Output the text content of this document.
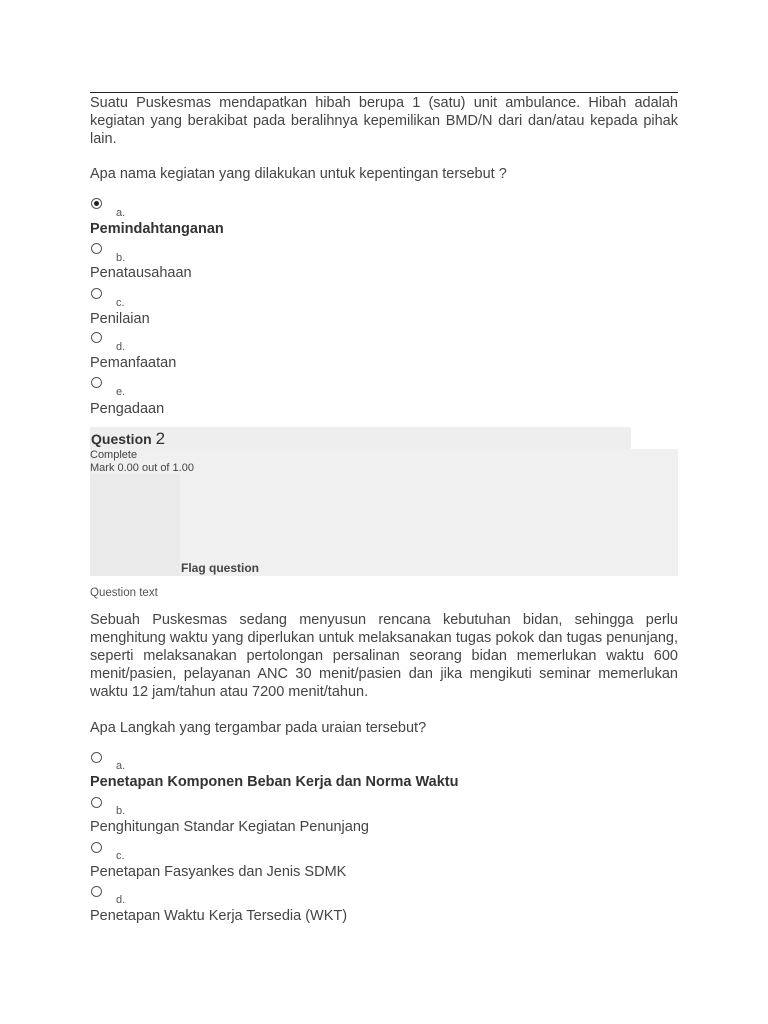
Suatu Puskesmas mendapatkan hibah berupa 1 (satu) unit ambulance. Hibah adalah kegiatan yang berakibat pada beralihnya kepemilikan BMD/N dari dan/atau kepada pihak lain.

Apa nama kegiatan yang dilakukan untuk kepentingan tersebut ?

a.
Pemindahtanganan
b.
Penatausahaan
c.
Penilaian
d.
Pemanfaatan
e.
Pengadaan
Question 2
Complete
Mark 0.00 out of 1.00
Flag question
Question text

Sebuah Puskesmas sedang menyusun rencana kebutuhan bidan, sehingga perlu menghitung waktu yang diperlukan untuk melaksanakan tugas pokok dan tugas penunjang, seperti melaksanakan pertolongan persalinan seorang bidan memerlukan waktu 600 menit/pasien, pelayanan ANC 30 menit/pasien dan jika mengikuti seminar memerlukan waktu 12 jam/tahun atau 7200 menit/tahun.

Apa Langkah yang tergambar pada uraian tersebut?

a.
Penetapan Komponen Beban Kerja dan Norma Waktu
b.
Penghitungan Standar Kegiatan Penunjang
c.
Penetapan Fasyankes dan Jenis SDMK
d.
Penetapan Waktu Kerja Tersedia (WKT)
